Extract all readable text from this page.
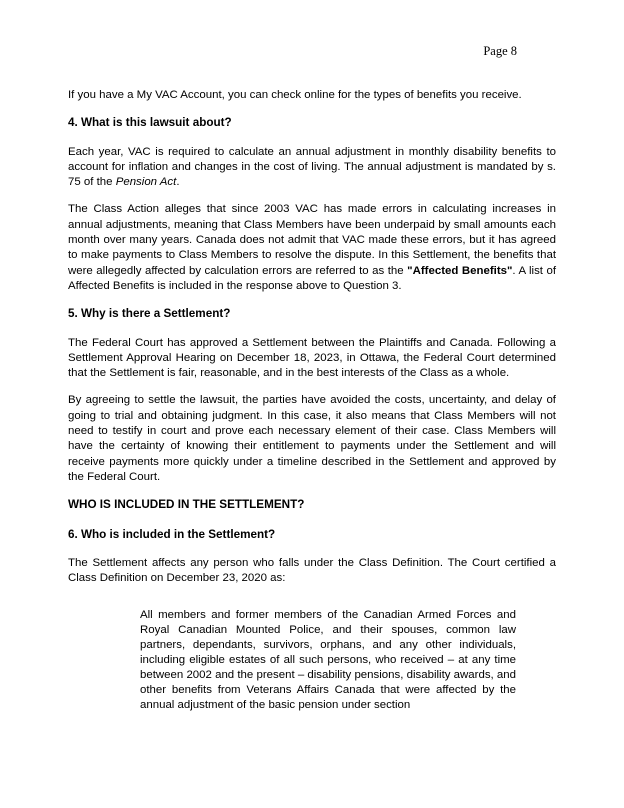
Page 8

If you have a My VAC Account, you can check online for the types of benefits you receive.

4. What is this lawsuit about?

Each year, VAC is required to calculate an annual adjustment in monthly disability benefits to account for inflation and changes in the cost of living. The annual adjustment is mandated by s. 75 of the Pension Act.

The Class Action alleges that since 2003 VAC has made errors in calculating increases in annual adjustments, meaning that Class Members have been underpaid by small amounts each month over many years. Canada does not admit that VAC made these errors, but it has agreed to make payments to Class Members to resolve the dispute. In this Settlement, the benefits that were allegedly affected by calculation errors are referred to as the "Affected Benefits". A list of Affected Benefits is included in the response above to Question 3.

5. Why is there a Settlement?

The Federal Court has approved a Settlement between the Plaintiffs and Canada. Following a Settlement Approval Hearing on December 18, 2023, in Ottawa, the Federal Court determined that the Settlement is fair, reasonable, and in the best interests of the Class as a whole.

By agreeing to settle the lawsuit, the parties have avoided the costs, uncertainty, and delay of going to trial and obtaining judgment. In this case, it also means that Class Members will not need to testify in court and prove each necessary element of their case. Class Members will have the certainty of knowing their entitlement to payments under the Settlement and will receive payments more quickly under a timeline described in the Settlement and approved by the Federal Court.

WHO IS INCLUDED IN THE SETTLEMENT?
6. Who is included in the Settlement?

The Settlement affects any person who falls under the Class Definition. The Court certified a Class Definition on December 23, 2020 as:

All members and former members of the Canadian Armed Forces and Royal Canadian Mounted Police, and their spouses, common law partners, dependants, survivors, orphans, and any other individuals, including eligible estates of all such persons, who received – at any time between 2002 and the present – disability pensions, disability awards, and other benefits from Veterans Affairs Canada that were affected by the annual adjustment of the basic pension under section
